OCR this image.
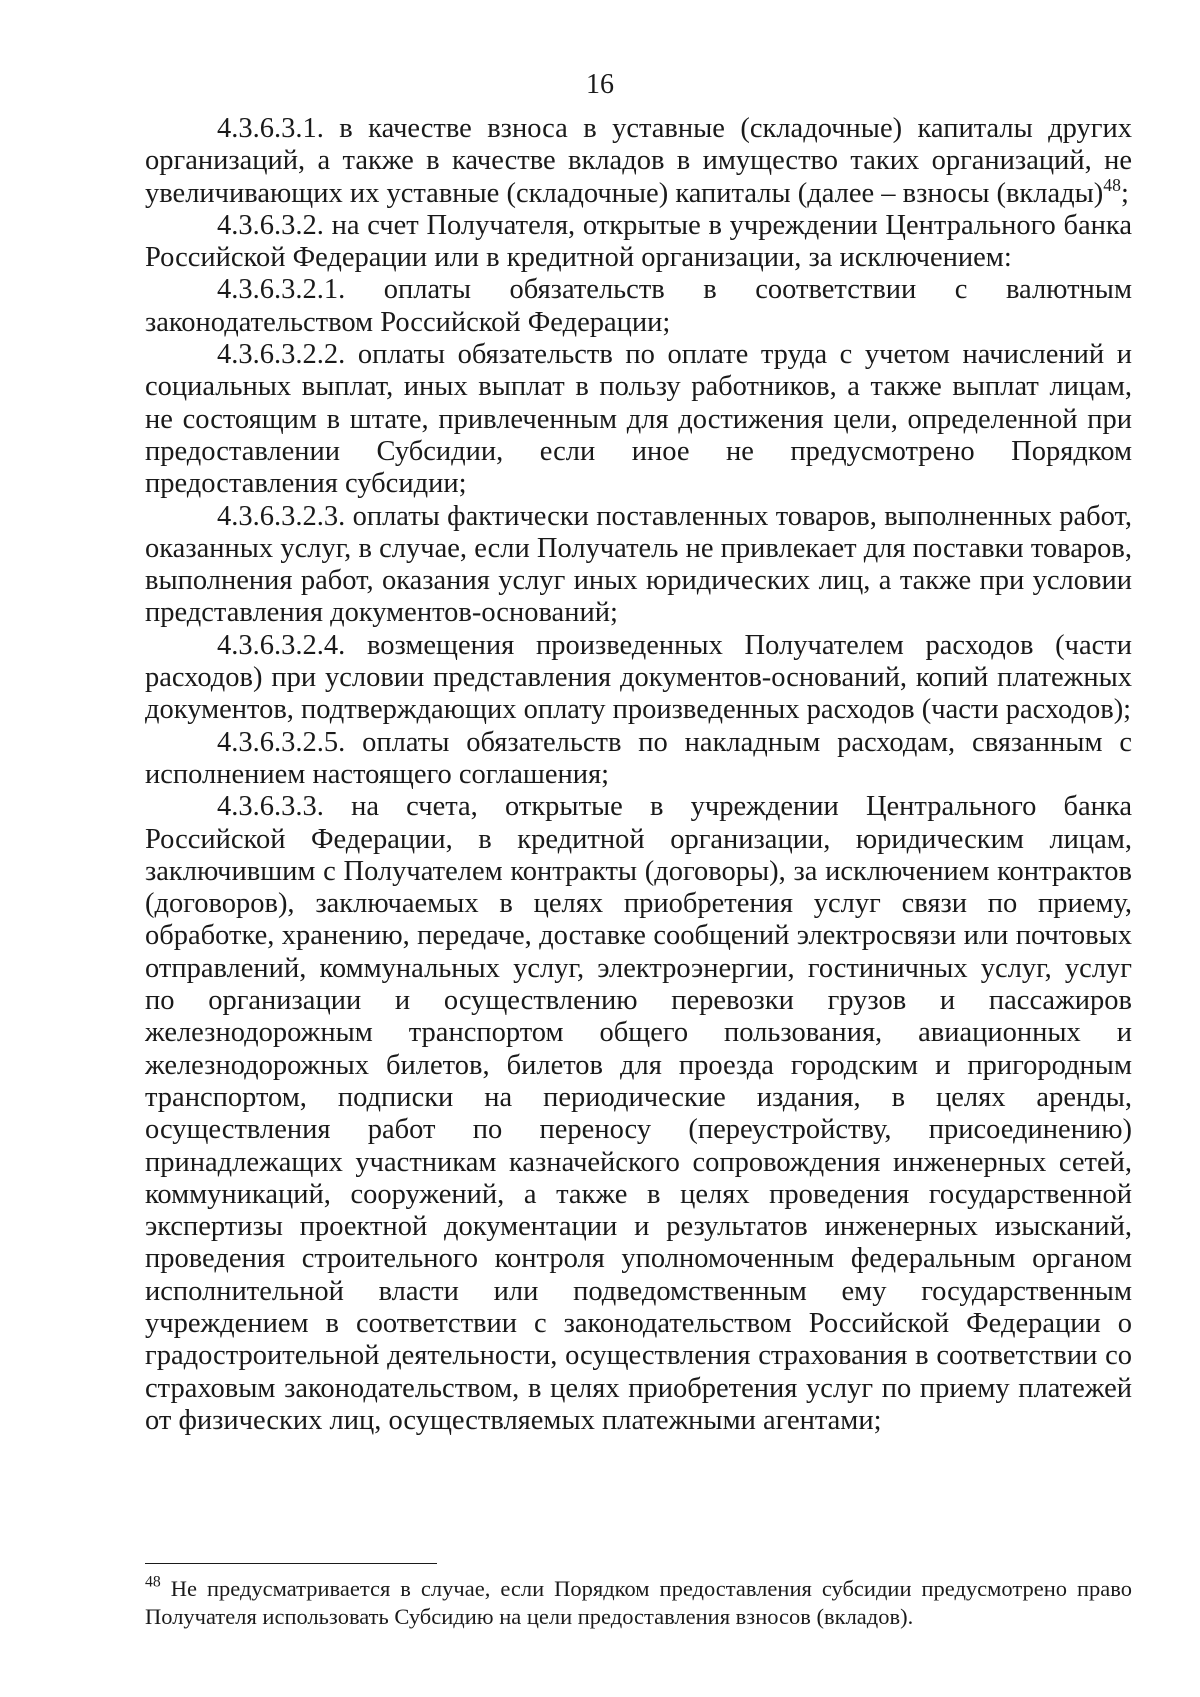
16

4.3.6.3.1. в качестве взноса в уставные (складочные) капиталы других организаций, а также в качестве вкладов в имущество таких организаций, не увеличивающих их уставные (складочные) капиталы (далее – взносы (вклады)$^{48}$;

4.3.6.3.2. на счет Получателя, открытые в учреждении Центрального банка Российской Федерации или в кредитной организации, за исключением:

4.3.6.3.2.1. оплаты обязательств в соответствии с валютным законодательством Российской Федерации;

4.3.6.3.2.2. оплаты обязательств по оплате труда с учетом начислений и социальных выплат, иных выплат в пользу работников, а также выплат лицам, не состоящим в штате, привлеченным для достижения цели, определенной при предоставлении Субсидии, если иное не предусмотрено Порядком предоставления субсидии;

4.3.6.3.2.3. оплаты фактически поставленных товаров, выполненных работ, оказанных услуг, в случае, если Получатель не привлекает для поставки товаров, выполнения работ, оказания услуг иных юридических лиц, а также при условии представления документов-оснований;

4.3.6.3.2.4. возмещения произведенных Получателем расходов (части расходов) при условии представления документов-оснований, копий платежных документов, подтверждающих оплату произведенных расходов (части расходов);

4.3.6.3.2.5. оплаты обязательств по накладным расходам, связанным с исполнением настоящего соглашения;

4.3.6.3.3. на счета, открытые в учреждении Центрального банка Российской Федерации, в кредитной организации, юридическим лицам, заключившим с Получателем контракты (договоры), за исключением контрактов (договоров), заключаемых в целях приобретения услуг связи по приему, обработке, хранению, передаче, доставке сообщений электросвязи или почтовых отправлений, коммунальных услуг, электроэнергии, гостиничных услуг, услуг по организации и осуществлению перевозки грузов и пассажиров железнодорожным транспортом общего пользования, авиационных и железнодорожных билетов, билетов для проезда городским и пригородным транспортом, подписки на периодические издания, в целях аренды, осуществления работ по переносу (переустройству, присоединению) принадлежащих участникам казначейского сопровождения инженерных сетей, коммуникаций, сооружений, а также в целях проведения государственной экспертизы проектной документации и результатов инженерных изысканий, проведения строительного контроля уполномоченным федеральным органом исполнительной власти или подведомственным ему государственным учреждением в соответствии с законодательством Российской Федерации о градостроительной деятельности, осуществления страхования в соответствии со страховым законодательством, в целях приобретения услуг по приему платежей от физических лиц, осуществляемых платежными агентами;

$^{48}$ Не предусматривается в случае, если Порядком предоставления субсидии предусмотрено право Получателя использовать Субсидию на цели предоставления взносов (вкладов).
